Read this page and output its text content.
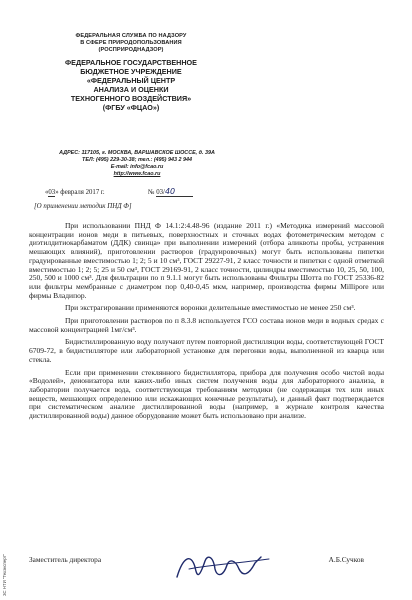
ФЕДЕРАЛЬНАЯ СЛУЖБА ПО НАДЗОРУ
В СФЕРЕ ПРИРОДОПОЛЬЗОВАНИЯ
(РОСПРИРОДНАДЗОР)
ФЕДЕРАЛЬНОЕ ГОСУДАРСТВЕННОЕ
БЮДЖЕТНОЕ УЧРЕЖДЕНИЕ
«ФЕДЕРАЛЬНЫЙ ЦЕНТР
АНАЛИЗА И ОЦЕНКИ
ТЕХНОГЕННОГО ВОЗДЕЙСТВИЯ»
(ФГБУ «ФЦАО»)
АДРЕС: 117105, г. МОСКВА, ВАРШАВСКОЕ ШОССЕ, д. 39А
ТЕЛ: (495) 229-30-38; тел.: (495) 943 2 944
E-mail: info@fcao.ru
http://www.fcao.ru
«03» февраля 2017 г.	№ 03/40
[О применении методик ПНД Ф]

При использовании ПНД Ф 14.1:2:4.48-96 (издание 2011 г.) «Методика измерений массовой концентрации ионов меди в питьевых, поверхностных и сточных водах фотометрическим методом с диэтилдитиокарбаматом (ДДК) свинца» при выполнении измерений (отбора аликвоты пробы, устранения мешающих влияний), приготовлении растворов (градуировочных) могут быть использованы пипетки градуированные вместимостью 1; 2; 5 и 10 см³, ГОСТ 29227-91, 2 класс точности и пипетки с одной отметкой вместимостью 1; 2; 5; 25 и 50 см³, ГОСТ 29169-91, 2 класс точности, цилиндры вместимостью 10, 25, 50, 100, 250, 500 и 1000 см³. Для фильтрации по п 9.1.1 могут быть использованы Фильтры Шотта по ГОСТ 25336-82 или фильтры мембранные с диаметром пор 0,40-0,45 мкм, например, производства фирмы Millipore или фирмы Владипор.

При экстрагировании применяются воронки делительные вместимостью не менее 250 см³.

При приготовлении растворов по п 8.3.8 используется ГСО состава ионов меди в водных средах с массовой концентрацией 1мг/см³.

Бидистиллированную воду получают путем повторной дистилляции воды, соответствующей ГОСТ 6709-72, в бидистилляторе или лабораторной установке для перегонки воды, выполненной из кварца или стекла.

Если при применении стеклянного бидистиллятора, прибора для получения особо чистой воды «Водолей», деионизатора или каких-либо иных систем получения воды для лабораторного анализа, в лаборатории получается вода, соответствующая требованиям методики (не содержащая тех или иных веществ, мешающих определению или искажающих конечные результаты), и данный факт подтверждается при систематическом анализе дистиллированной воды (например, в журнале контроля качества дистиллированной воды) данное оборудование может быть использовано при анализе.

Заместитель директора	А.Б.Сучков
ЗС НТИ "Техэксперт"
